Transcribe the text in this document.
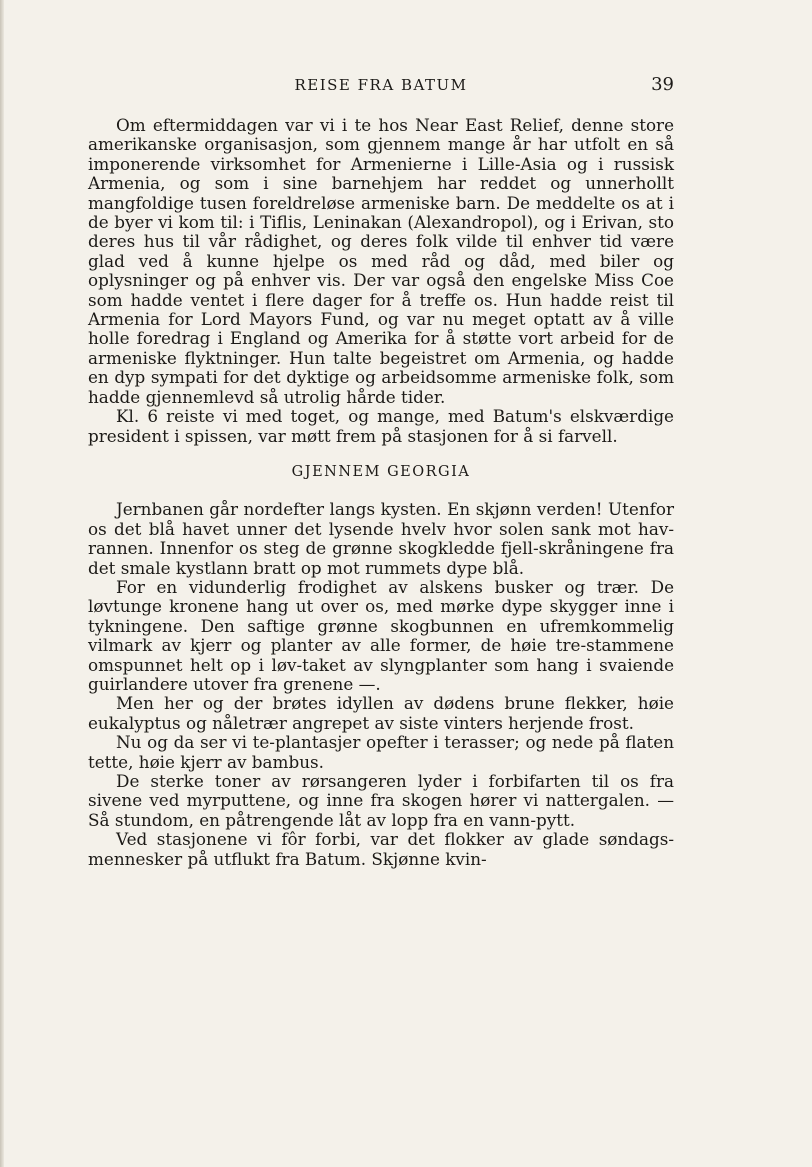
REISE FRA BATUM	39

Om eftermiddagen var vi i te hos Near East Relief, denne store amerikanske organisasjon, som gjennem mange år har utfolt en så imponerende virksomhet for Armenierne i Lille-Asia og i russisk Armenia, og som i sine barnehjem har reddet og unnerhollt mangfoldige tusen foreldreløse armeniske barn. De meddelte os at i de byer vi kom til: i Tiflis, Leninakan (Alexandropol), og i Erivan, sto deres hus til vår rådighet, og deres folk vilde til enhver tid være glad ved å kunne hjelpe os med råd og dåd, med biler og oplysninger og på enhver vis. Der var også den engelske Miss Coe som hadde ventet i flere dager for å treffe os. Hun hadde reist til Armenia for Lord Mayors Fund, og var nu meget optatt av å ville holle foredrag i England og Amerika for å støtte vort arbeid for de armeniske flyktninger. Hun talte begeistret om Armenia, og hadde en dyp sympati for det dyktige og arbeidsomme armeniske folk, som hadde gjennemlevd så utrolig hårde tider.

Kl. 6 reiste vi med toget, og mange, med Batum's elskværdige president i spissen, var møtt frem på stasjonen for å si farvell.

GJENNEM GEORGIA

Jernbanen går nordefter langs kysten. En skjønn verden! Utenfor os det blå havet unner det lysende hvelv hvor solen sank mot hav-rannen. Innenfor os steg de grønne skogkledde fjell-skråningene fra det smale kystlann bratt op mot rummets dype blå.

For en vidunderlig frodighet av alskens busker og trær. De løvtunge kronene hang ut over os, med mørke dype skygger inne i tykningene. Den saftige grønne skogbunnen en ufremkommelig vilmark av kjerr og planter av alle former, de høie tre-stammene omspunnet helt op i løv-taket av slyngplanter som hang i svaiende guirlandere utover fra grenene —.

Men her og der brøtes idyllen av dødens brune flekker, høie eukalyptus og nåletrær angrepet av siste vinters herjende frost.

Nu og da ser vi te-plantasjer opefter i terasser; og nede på flaten tette, høie kjerr av bambus.

De sterke toner av rørsangeren lyder i forbifarten til os fra sivene ved myrputtene, og inne fra skogen hører vi nattergalen. — Så stundom, en påtrengende låt av lopp fra en vann-pytt.

Ved stasjonene vi fôr forbi, var det flokker av glade søndags-mennesker på utflukt fra Batum. Skjønne kvin-
